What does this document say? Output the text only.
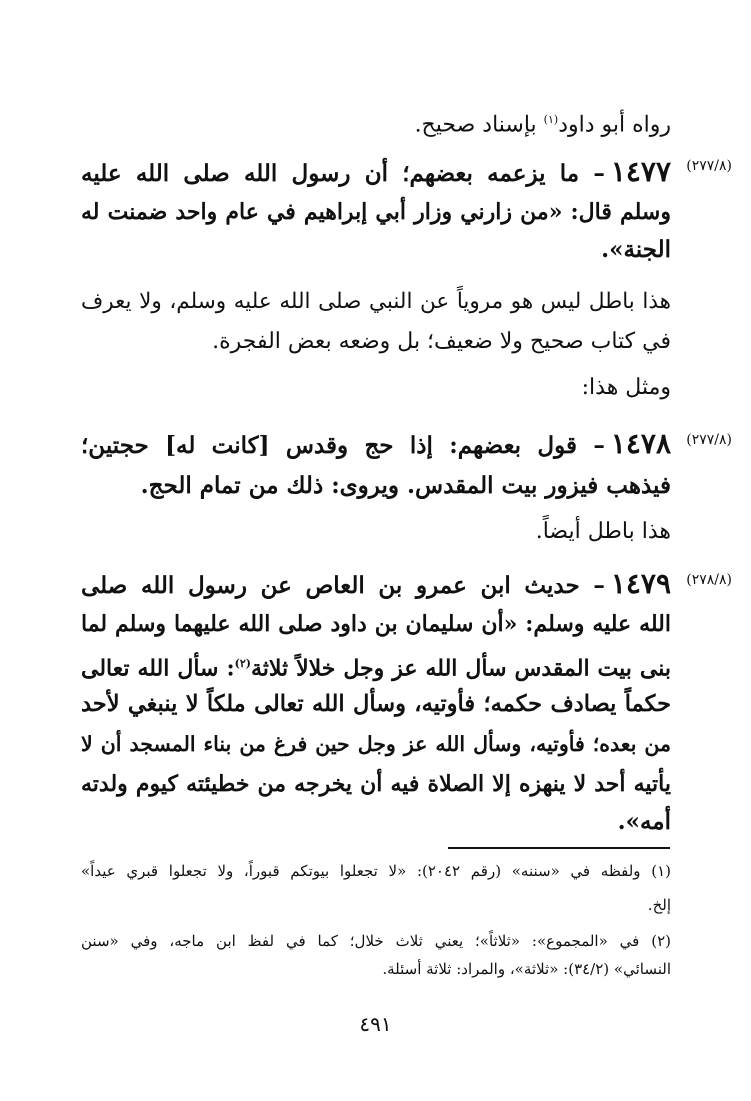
رواه أبو داود$^{(١)}$ بإسناد صحيح.
(٢٧٧/٨)
١٤٧٧– ما يزعمه بعضهم؛ أن رسول الله صلى الله عليه
وسلم قال: «من زارني وزار أبي إبراهيم في عام واحد ضمنت له
الجنة».
هذا باطل ليس هو مروياً عن النبي صلى الله عليه وسلم، ولا يعرف
في كتاب صحيح ولا ضعيف؛ بل وضعه بعض الفجرة.
ومثل هذا:
(٢٧٧/٨)
١٤٧٨– قول بعضهم: إذا حج وقدس [كانت له] حجتين؛
فيذهب فيزور بيت المقدس. ويروى: ذلك من تمام الحج.
هذا باطل أيضاً.
(٢٧٨/٨)
١٤٧٩– حديث ابن عمرو بن العاص عن رسول الله صلى
الله عليه وسلم: «أن سليمان بن داود صلى الله عليهما وسلم لما
بنى بيت المقدس سأل الله عز وجل خلالاً ثلاثة$^{(٢)}$: سأل الله تعالى
حكماً يصادف حكمه؛ فأوتيه، وسأل الله تعالى ملكاً لا ينبغي لأحد
من بعده؛ فأوتيه، وسأل الله عز وجل حين فرغ من بناء المسجد أن لا
يأتيه أحد لا ينهزه إلا الصلاة فيه أن يخرجه من خطيئته كيوم ولدته
أمه».
(١) ولفظه في «سننه» (رقم ٢٠٤٢): «لا تجعلوا بيوتكم قبوراً، ولا تجعلوا قبري عيداً»
إلخ.
(٢) في «المجموع»: «ثلاثاً»؛ يعني ثلاث خلال؛ كما في لفظ ابن ماجه، وفي «سنن
النسائي» (٣٤/٢): «ثلاثة»، والمراد: ثلاثة أسئلة.
٤٩١
